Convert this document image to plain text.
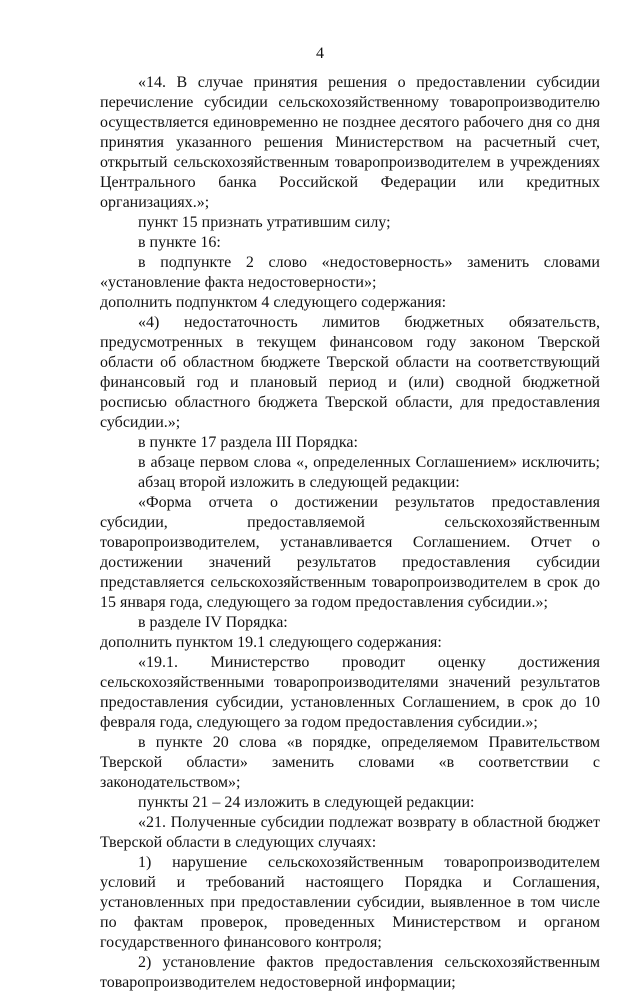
4

«14. В случае принятия решения о предоставлении субсидии перечисление субсидии сельскохозяйственному товаропроизводителю осуществляется единовременно не позднее десятого рабочего дня со дня принятия указанного решения Министерством на расчетный счет, открытый сельскохозяйственным товаропроизводителем в учреждениях Центрального банка Российской Федерации или кредитных организациях.»;

пункт 15 признать утратившим силу;

в пункте 16:

в подпункте 2 слово «недостоверность» заменить словами «установление факта недостоверности»;

дополнить подпунктом 4 следующего содержания:

«4) недостаточность лимитов бюджетных обязательств, предусмотренных в текущем финансовом году законом Тверской области об областном бюджете Тверской области на соответствующий финансовый год и плановый период и (или) сводной бюджетной росписью областного бюджета Тверской области, для предоставления субсидии.»;

в пункте 17 раздела III Порядка:

в абзаце первом слова «, определенных Соглашением» исключить;

абзац второй изложить в следующей редакции:

«Форма отчета о достижении результатов предоставления субсидии, предоставляемой сельскохозяйственным товаропроизводителем, устанавливается Соглашением. Отчет о достижении значений результатов предоставления субсидии представляется сельскохозяйственным товаропроизводителем в срок до 15 января года, следующего за годом предоставления субсидии.»;

в разделе IV Порядка:

дополнить пунктом 19.1 следующего содержания:

«19.1. Министерство проводит оценку достижения сельскохозяйственными товаропроизводителями значений результатов предоставления субсидии, установленных Соглашением, в срок до 10 февраля года, следующего за годом предоставления субсидии.»;

в пункте 20 слова «в порядке, определяемом Правительством Тверской области» заменить словами «в соответствии с законодательством»;

пункты 21 – 24 изложить в следующей редакции:

«21. Полученные субсидии подлежат возврату в областной бюджет Тверской области в следующих случаях:

1) нарушение сельскохозяйственным товаропроизводителем условий и требований настоящего Порядка и Соглашения, установленных при предоставлении субсидии, выявленное в том числе по фактам проверок, проведенных Министерством и органом государственного финансового контроля;

2) установление фактов предоставления сельскохозяйственным товаропроизводителем недостоверной информации;
